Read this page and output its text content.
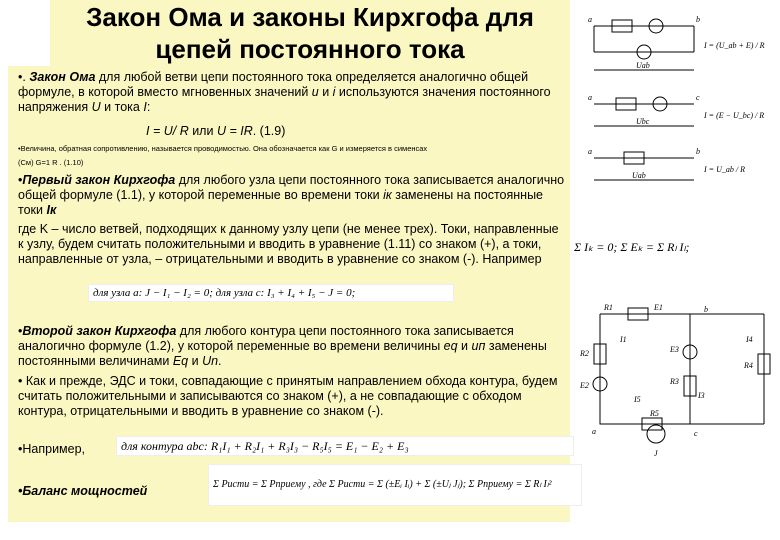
Закон Ома и законы Кирхгофа для цепей постоянного тока
•. Закон Ома для любой ветви цепи постоянного тока определяется аналогично общей формуле, в которой вместо мгновенных значений u и i используются значения постоянного напряжения U и тока I:
I = U/ R или U = IR. (1.9)
•Величина, обратная сопротивлению, называется проводимостью. Она обозначается как G и измеряется в сименсах
(См) G=1 R . (1.10)
•Первый закон Кирхгофа для любого узла цепи постоянного тока записывается аналогично общей формуле (1.1), у которой переменные во времени токи iк заменены на постоянные токи Iк
где K – число ветвей, подходящих к данному узлу цепи (не менее трех). Токи, направленные к узлу, будем считать положительными и вводить в уравнение (1.11) со знаком (+), а токи, направленные от узла, – отрицательными и вводить в уравнение со знаком (-). Например
для узла а: J − I₁ − I₂ = 0; для узла с: I₃ + I₄ + I₅ − J = 0;
•Второй закон Кирхгофа для любого контура цепи постоянного тока записывается аналогично формуле (1.2), у которой переменные во времени величины eq и uп заменены постоянными величинами Eq и Un.
• Как и прежде, ЭДС и токи, совпадающие с принятым направлением обхода контура, будем считать положительными и записываются со знаком (+), а не совпадающие с обходом контура, отрицательными и вводить в уравнение со знаком (-).
•Например,	для контура abc: R₁I₁ + R₂I₁ + R₃I₃ − R₅I₅ = E₁ − E₂ + E₃
•Баланс мощностей	Σ Pисти = Σ Pприему , где Σ Pисти = Σ (±Eᵢ Iᵢ) + Σ (±Uⱼ Jⱼ); Σ Pприему = Σ Rₗ Iₗ²
a	b
Uab
a	c
Ubc
a	b
Uab
I = (U_ab + E) / R
I = (E − U_bc) / R
I = U_ab / R
Σ Iₖ = 0; Σ Eₖ = Σ Rₗ Iₗ;
R1	E1	b
R2
E2
E3
R3
I4
R4
R5
I5
I1
I3
a	c
J
